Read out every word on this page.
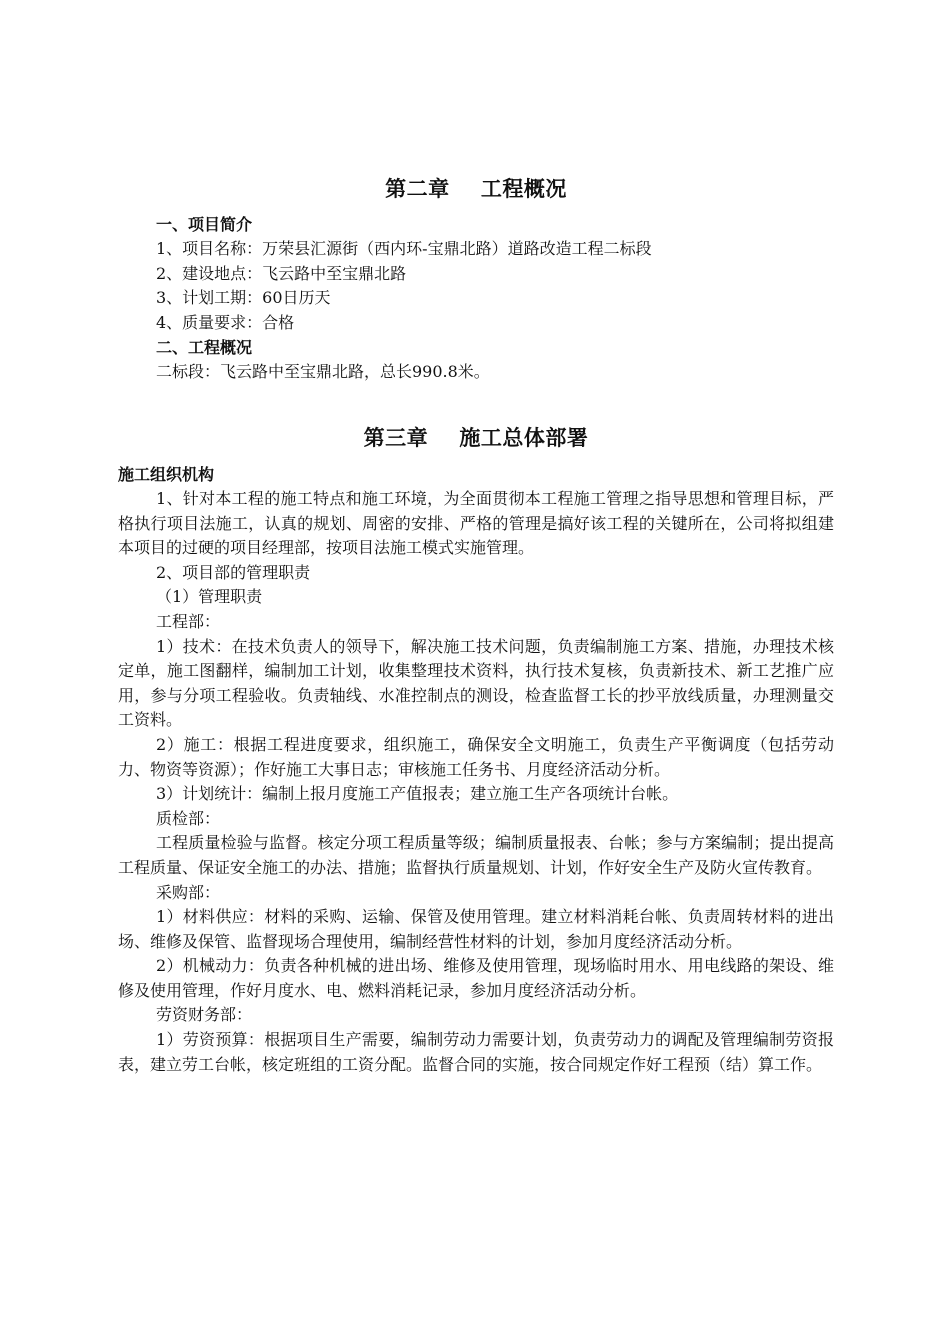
第二章    工程概况

一、项目简介

1、项目名称：万荣县汇源街（西内环-宝鼎北路）道路改造工程二标段

2、建设地点：飞云路中至宝鼎北路

3、计划工期：60日历天

4、质量要求：合格

二、工程概况

二标段：飞云路中至宝鼎北路，总长990.8米。

第三章    施工总体部署

施工组织机构

1、针对本工程的施工特点和施工环境，为全面贯彻本工程施工管理之指导思想和管理目标，严格执行项目法施工，认真的规划、周密的安排、严格的管理是搞好该工程的关键所在，公司将拟组建本项目的过硬的项目经理部，按项目法施工模式实施管理。

2、项目部的管理职责

（1）管理职责

工程部：

1）技术：在技术负责人的领导下，解决施工技术问题，负责编制施工方案、措施，办理技术核定单，施工图翻样，编制加工计划，收集整理技术资料，执行技术复核，负责新技术、新工艺推广应用，参与分项工程验收。负责轴线、水准控制点的测设，检查监督工长的抄平放线质量，办理测量交工资料。

2）施工：根据工程进度要求，组织施工，确保安全文明施工，负责生产平衡调度（包括劳动力、物资等资源）；作好施工大事日志；审核施工任务书、月度经济活动分析。

3）计划统计：编制上报月度施工产值报表；建立施工生产各项统计台帐。

质检部：

工程质量检验与监督。核定分项工程质量等级；编制质量报表、台帐；参与方案编制；提出提高工程质量、保证安全施工的办法、措施；监督执行质量规划、计划，作好安全生产及防火宣传教育。

采购部：

1）材料供应：材料的采购、运输、保管及使用管理。建立材料消耗台帐、负责周转材料的进出场、维修及保管、监督现场合理使用，编制经营性材料的计划，参加月度经济活动分析。

2）机械动力：负责各种机械的进出场、维修及使用管理，现场临时用水、用电线路的架设、维修及使用管理，作好月度水、电、燃料消耗记录，参加月度经济活动分析。

劳资财务部：

1）劳资预算：根据项目生产需要，编制劳动力需要计划，负责劳动力的调配及管理编制劳资报表，建立劳工台帐，核定班组的工资分配。监督合同的实施，按合同规定作好工程预（结）算工作。
